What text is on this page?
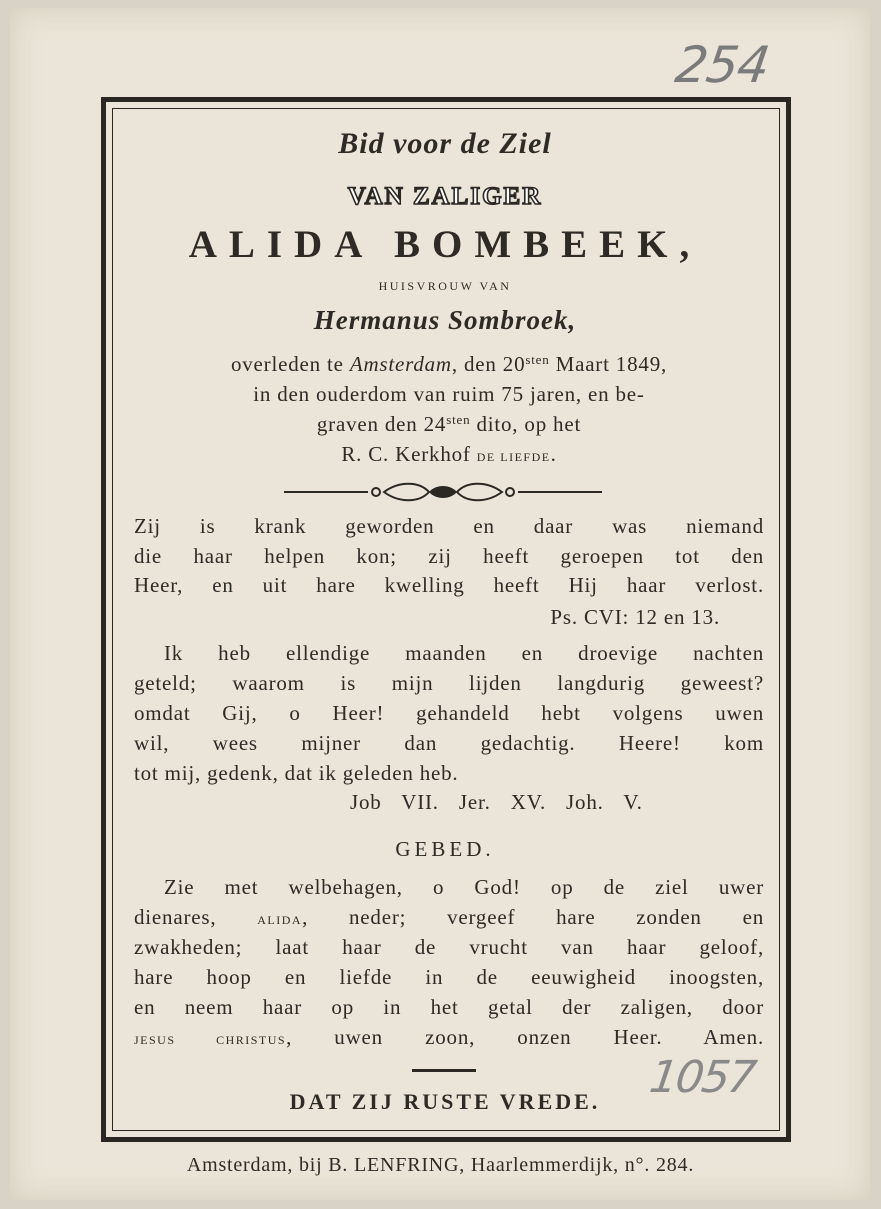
254
Bid voor de Ziel
VAN ZALIGER
ALIDA BOMBEEK,
HUISVROUW VAN
Hermanus Sombroek,
overleden te Amsterdam, den $20^{sten}$ Maart 1849,
in den ouderdom van ruim 75 jaren, en be-
graven den $24^{sten}$ dito, op het
R. C. Kerkhof DE LIEFDE.
Zij is krank geworden en daar was niemand
die haar helpen kon; zij heeft geroepen tot den
Heer, en uit hare kwelling heeft Hij haar verlost.
Ps. CVI: 12 en 13.
Ik heb ellendige maanden en droevige nachten
geteld; waarom is mijn lijden langdurig geweest?
omdat Gij, o Heer! gehandeld hebt volgens uwen
wil, wees mijner dan gedachtig. Heere! kom
tot mij, gedenk, dat ik geleden heb.
Job VII. Jer. XV. Joh. V.
GEBED.
Zie met welbehagen, o God! op de ziel uwer
dienares, ALIDA, neder; vergeef hare zonden en
zwakheden; laat haar de vrucht van haar geloof,
hare hoop en liefde in de eeuwigheid inoogsten,
en neem haar op in het getal der zaligen, door
JESUS CHRISTUS, uwen zoon, onzen Heer. Amen.
DAT ZIJ RUSTE VREDE.	1057
Amsterdam, bij B. LENFRING, Haarlemmerdijk, n°. 284.
